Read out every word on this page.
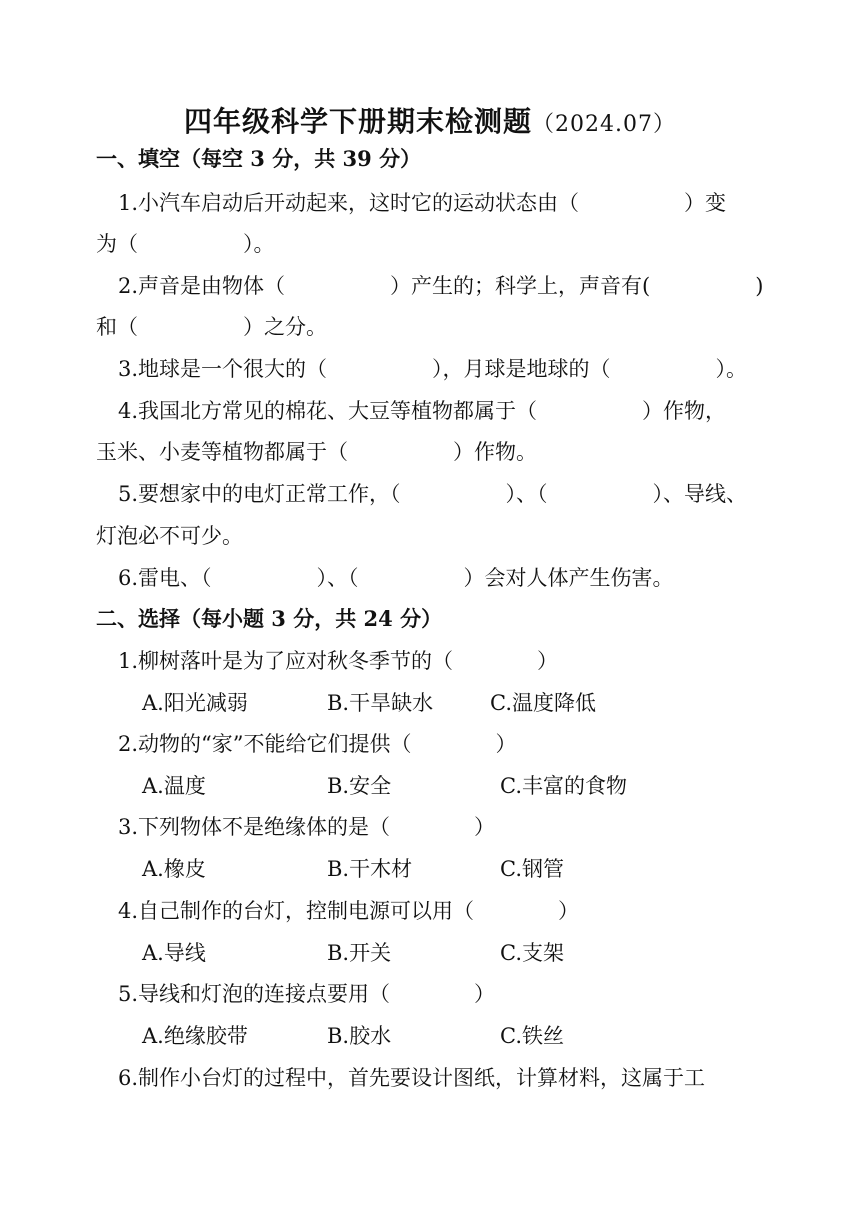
四年级科学下册期末检测题（2024.07）
一、填空（每空 3 分，共 39 分）
1.小汽车启动后开动起来，这时它的运动状态由（　　　　　）变
为（　　　　　）。
2.声音是由物体（　　　　　）产生的；科学上，声音有(　　　　　)
和（　　　　　）之分。
3.地球是一个很大的（　　　　　），月球是地球的（　　　　　）。
4.我国北方常见的棉花、大豆等植物都属于（　　　　　）作物，
玉米、小麦等植物都属于（　　　　　）作物。
5.要想家中的电灯正常工作，（　　　　　）、（　　　　　）、导线、
灯泡必不可少。
6.雷电、（　　　　　）、（　　　　　）会对人体产生伤害。
二、选择（每小题 3 分，共 24 分）
1.柳树落叶是为了应对秋冬季节的（　　　　）
A.阳光减弱	B.干旱缺水	C.温度降低
2.动物的“家”不能给它们提供（　　　　）
A.温度	B.安全	C.丰富的食物
3.下列物体不是绝缘体的是（　　　　）
A.橡皮	B.干木材	C.钢管
4.自己制作的台灯，控制电源可以用（　　　　）
A.导线	B.开关	C.支架
5.导线和灯泡的连接点要用（　　　　）
A.绝缘胶带	B.胶水	C.铁丝
6.制作小台灯的过程中，首先要设计图纸，计算材料，这属于工
